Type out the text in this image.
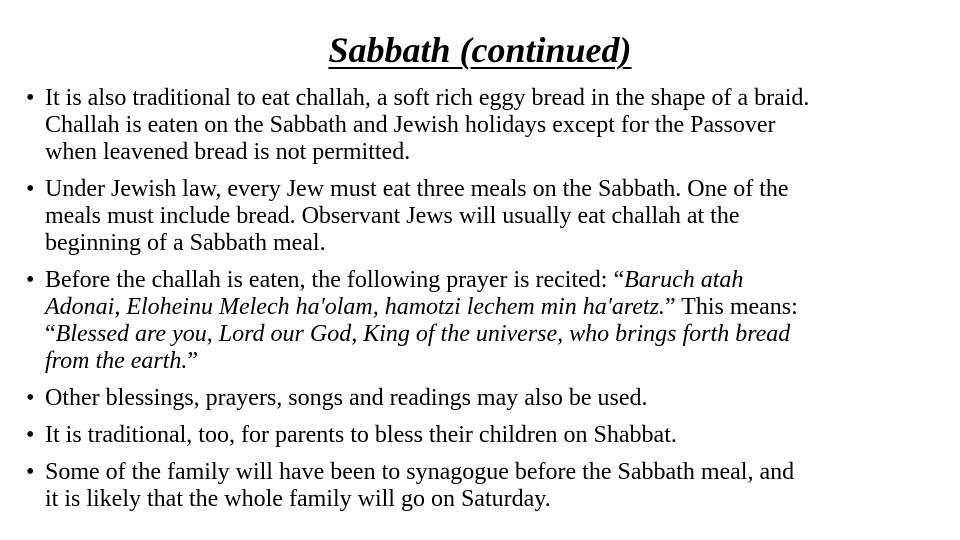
Sabbath (continued)
• It is also traditional to eat challah, a soft rich eggy bread in the shape of a braid.
Challah is eaten on the Sabbath and Jewish holidays except for the Passover
when leavened bread is not permitted.
• Under Jewish law, every Jew must eat three meals on the Sabbath. One of the
meals must include bread. Observant Jews will usually eat challah at the
beginning of a Sabbath meal.
• Before the challah is eaten, the following prayer is recited: “Baruch atah
Adonai, Eloheinu Melech ha'olam, hamotzi lechem min ha'aretz.” This means:
“Blessed are you, Lord our God, King of the universe, who brings forth bread
from the earth.”
• Other blessings, prayers, songs and readings may also be used.
• It is traditional, too, for parents to bless their children on Shabbat.
• Some of the family will have been to synagogue before the Sabbath meal, and
it is likely that the whole family will go on Saturday.
